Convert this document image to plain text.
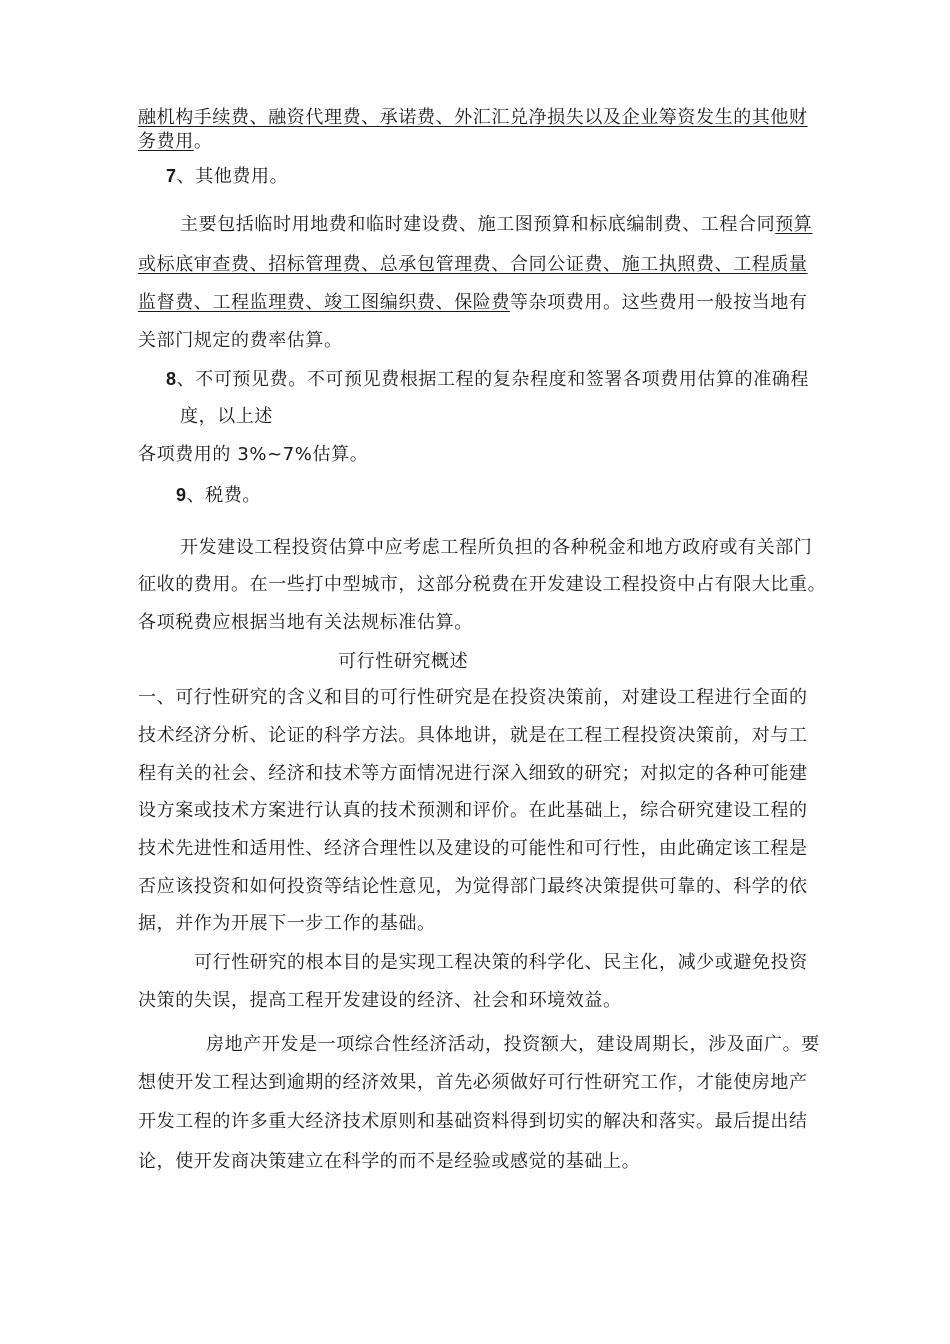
融机构手续费、融资代理费、承诺费、外汇汇兑净损失以及企业筹资发生的其他财
务费用。
7、其他费用。
主要包括临时用地费和临时建设费、施工图预算和标底编制费、工程合同预算
或标底审查费、招标管理费、总承包管理费、合同公证费、施工执照费、工程质量
监督费、工程监理费、竣工图编织费、保险费等杂项费用。这些费用一般按当地有
关部门规定的费率估算。
8、不可预见费。不可预见费根据工程的复杂程度和签署各项费用估算的准确程
度，以上述
各项费用的 3%~7%估算。
9、税费。
开发建设工程投资估算中应考虑工程所负担的各种税金和地方政府或有关部门
征收的费用。在一些打中型城市，这部分税费在开发建设工程投资中占有限大比重。
各项税费应根据当地有关法规标准估算。
可行性研究概述
一、可行性研究的含义和目的可行性研究是在投资决策前，对建设工程进行全面的
技术经济分析、论证的科学方法。具体地讲，就是在工程工程投资决策前，对与工
程有关的社会、经济和技术等方面情况进行深入细致的研究；对拟定的各种可能建
设方案或技术方案进行认真的技术预测和评价。在此基础上，综合研究建设工程的
技术先进性和适用性、经济合理性以及建设的可能性和可行性，由此确定该工程是
否应该投资和如何投资等结论性意见，为觉得部门最终决策提供可靠的、科学的依
据，并作为开展下一步工作的基础。
可行性研究的根本目的是实现工程决策的科学化、民主化，减少或避免投资
决策的失误，提高工程开发建设的经济、社会和环境效益。
房地产开发是一项综合性经济活动，投资额大，建设周期长，涉及面广。要
想使开发工程达到逾期的经济效果，首先必须做好可行性研究工作，才能使房地产
开发工程的许多重大经济技术原则和基础资料得到切实的解决和落实。最后提出结
论，使开发商决策建立在科学的而不是经验或感觉的基础上。
